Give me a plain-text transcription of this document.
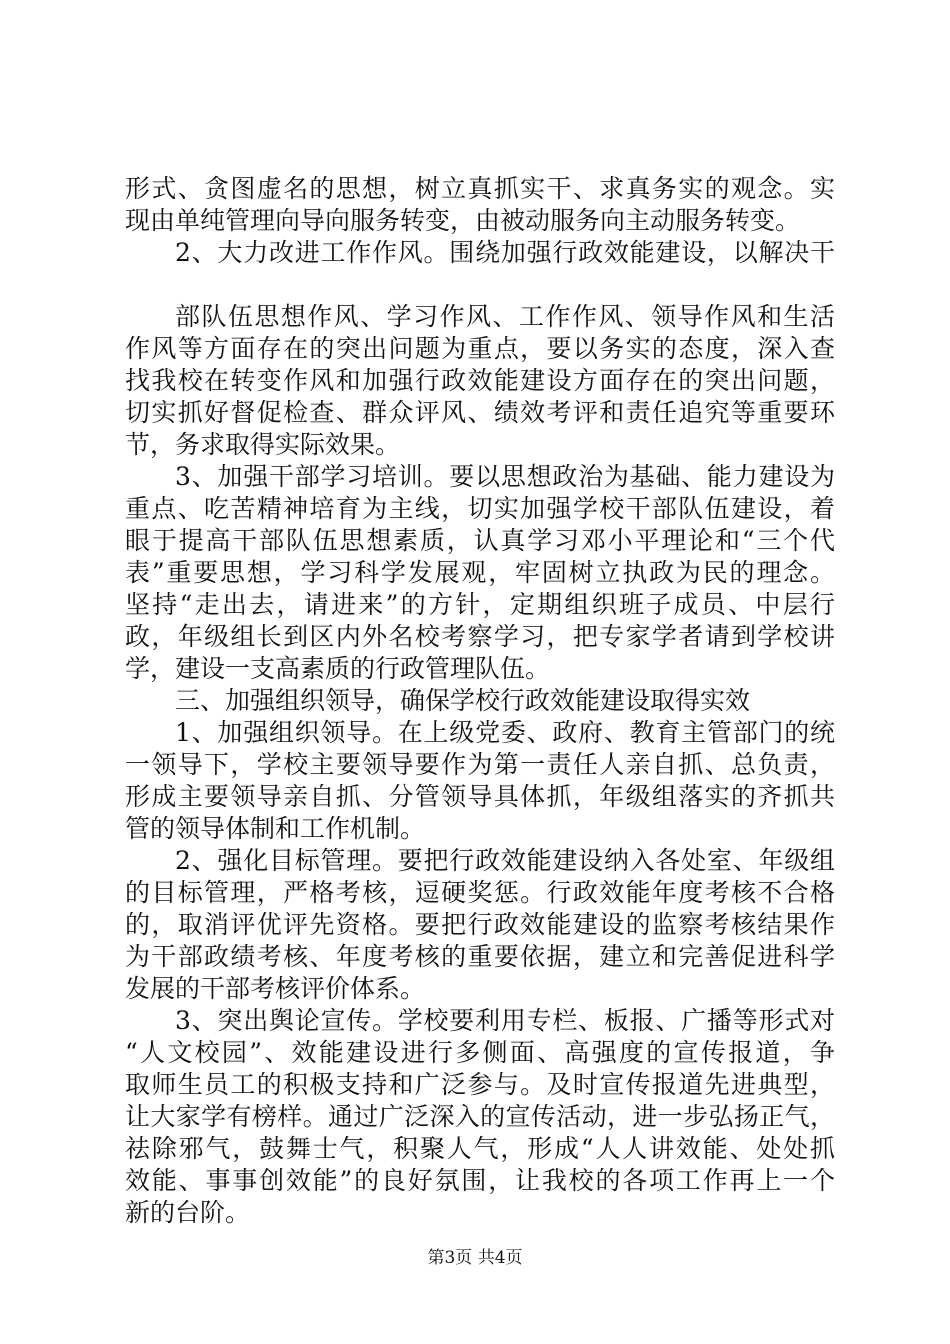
形式、贪图虚名的思想，树立真抓实干、求真务实的观念。实
现由单纯管理向导向服务转变，由被动服务向主动服务转变。
2、大力改进工作作风。围绕加强行政效能建设，以解决干
部队伍思想作风、学习作风、工作作风、领导作风和生活
作风等方面存在的突出问题为重点，要以务实的态度，深入查
找我校在转变作风和加强行政效能建设方面存在的突出问题，
切实抓好督促检查、群众评风、绩效考评和责任追究等重要环
节，务求取得实际效果。
3、加强干部学习培训。要以思想政治为基础、能力建设为
重点、吃苦精神培育为主线，切实加强学校干部队伍建设，着
眼于提高干部队伍思想素质，认真学习邓小平理论和“三个代
表”重要思想，学习科学发展观，牢固树立执政为民的理念。
坚持“走出去，请进来”的方针，定期组织班子成员、中层行
政，年级组长到区内外名校考察学习，把专家学者请到学校讲
学，建设一支高素质的行政管理队伍。
三、加强组织领导，确保学校行政效能建设取得实效
1、加强组织领导。在上级党委、政府、教育主管部门的统
一领导下，学校主要领导要作为第一责任人亲自抓、总负责，
形成主要领导亲自抓、分管领导具体抓，年级组落实的齐抓共
管的领导体制和工作机制。
2、强化目标管理。要把行政效能建设纳入各处室、年级组
的目标管理，严格考核，逗硬奖惩。行政效能年度考核不合格
的，取消评优评先资格。要把行政效能建设的监察考核结果作
为干部政绩考核、年度考核的重要依据，建立和完善促进科学
发展的干部考核评价体系。
3、突出舆论宣传。学校要利用专栏、板报、广播等形式对
“人文校园”、效能建设进行多侧面、高强度的宣传报道，争
取师生员工的积极支持和广泛参与。及时宣传报道先进典型，
让大家学有榜样。通过广泛深入的宣传活动，进一步弘扬正气，
祛除邪气，鼓舞士气，积聚人气，形成“人人讲效能、处处抓
效能、事事创效能”的良好氛围，让我校的各项工作再上一个
新的台阶。
第3页 共4页
